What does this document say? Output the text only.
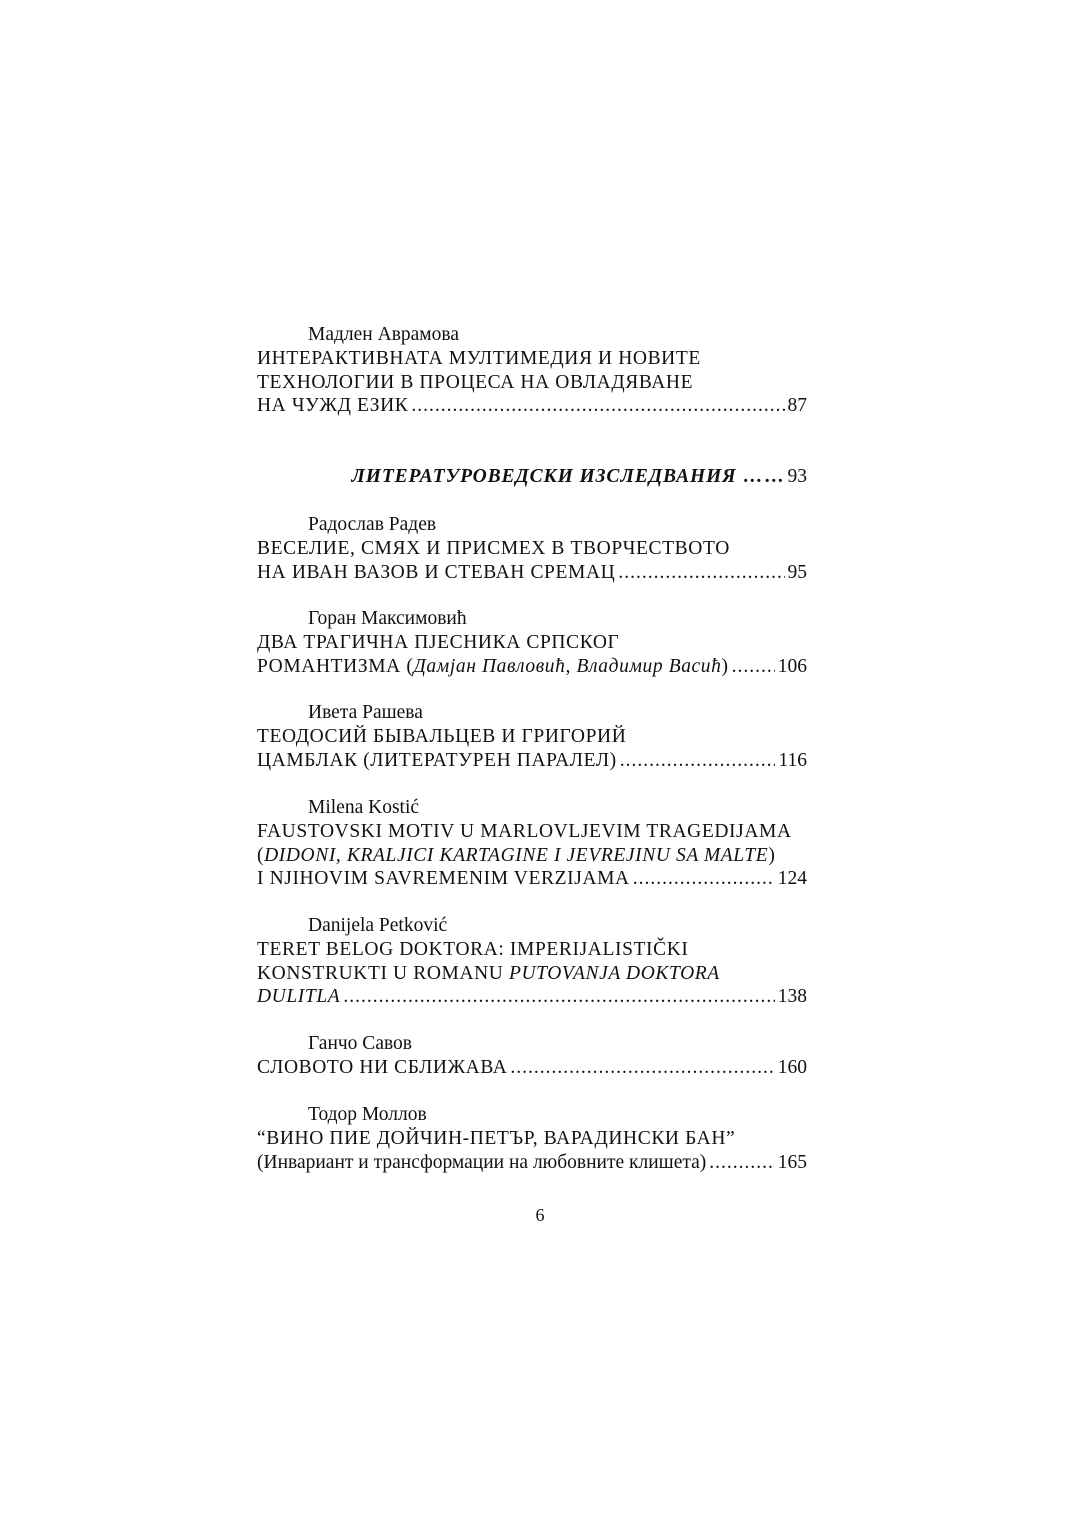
Мадлен Аврамова
ИНТЕРАКТИВНАТА МУЛТИМЕДИЯ И НОВИТЕ
ТЕХНОЛОГИИ В ПРОЦЕСА НА ОВЛАДЯВАНЕ
НА ЧУЖД ЕЗИК .....	87
ЛИТЕРАТУРОВЕДСКИ ИЗСЛЕДВАНИЯ …… 93
Радослав Радев
ВЕСЕЛИЕ, СМЯХ И ПРИСМЕХ В ТВОРЧЕСТВОТО
НА ИВАН ВАЗОВ И СТЕВАН СРЕМАЦ .....	95
Горан Максимовић
ДВА ТРАГИЧНА ПЈЕСНИКА СРПСКОГ
РОМАНТИЗМА (Дамјан Павловић, Владимир Васић) .....	106
Ивета Рашева
ТЕОДОСИЙ БЫВАЛЬЦЕВ И ГРИГОРИЙ
ЦАМБЛАК (ЛИТЕРАТУРЕН ПАРАЛЕЛ) .....	116
Milena Kostić
FAUSTOVSKI MOTIV U MARLOVLJEVIM TRAGEDIJAMA
(DIDONI, KRALJICI KARTAGINE I JEVREJINU SA MALTE)
I NJIHOVIM SAVREMENIM VERZIJAMA .....	124
Danijela Petković
TERET BELOG DOKTORA: IMPERIJALISTIČKI
KONSTRUKTI U ROMANU PUTOVANJA DOKTORA
DULITLA .....	138
Ганчо Савов
СЛОВОТО НИ СБЛИЖАВА .....	160
Тодор Моллов
“ВИНО ПИЕ ДОЙЧИН-ПЕТЪР, ВАРАДИНСКИ БАН”
(Инвариант и трансформации на любовните клишета) .....	165
6
